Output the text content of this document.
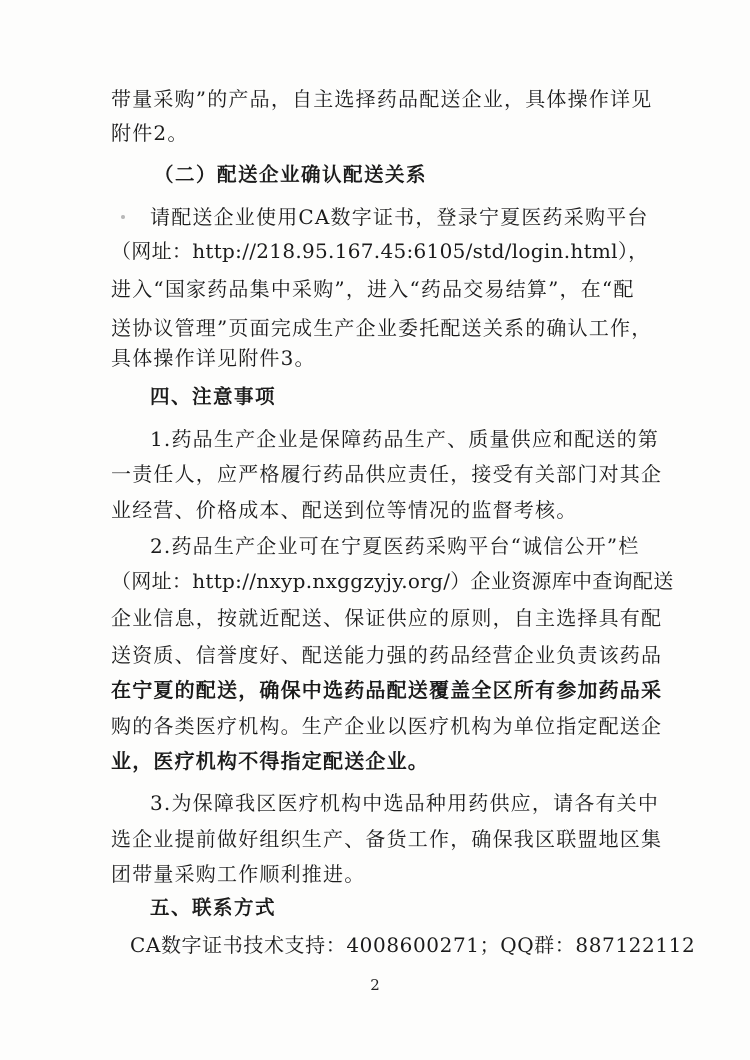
带量采购”的产品，自主选择药品配送企业，具体操作详见
附件2。
（二）配送企业确认配送关系
请配送企业使用CA数字证书，登录宁夏医药采购平台
（网址：http://218.95.167.45:6105/std/login.html），
进入“国家药品集中采购”，进入“药品交易结算”，在“配
送协议管理”页面完成生产企业委托配送关系的确认工作，
具体操作详见附件3。
四、注意事项
1.药品生产企业是保障药品生产、质量供应和配送的第
一责任人，应严格履行药品供应责任，接受有关部门对其企
业经营、价格成本、配送到位等情况的监督考核。
2.药品生产企业可在宁夏医药采购平台“诚信公开”栏
（网址：http://nxyp.nxggzyjy.org/）企业资源库中查询配送
企业信息，按就近配送、保证供应的原则，自主选择具有配
送资质、信誉度好、配送能力强的药品经营企业负责该药品
在宁夏的配送，确保中选药品配送覆盖全区所有参加药品采
购的各类医疗机构。生产企业以医疗机构为单位指定配送企
业，医疗机构不得指定配送企业。
3.为保障我区医疗机构中选品种用药供应，请各有关中
选企业提前做好组织生产、备货工作，确保我区联盟地区集
团带量采购工作顺利推进。
五、联系方式
CA数字证书技术支持：4008600271；QQ群：887122112
2
